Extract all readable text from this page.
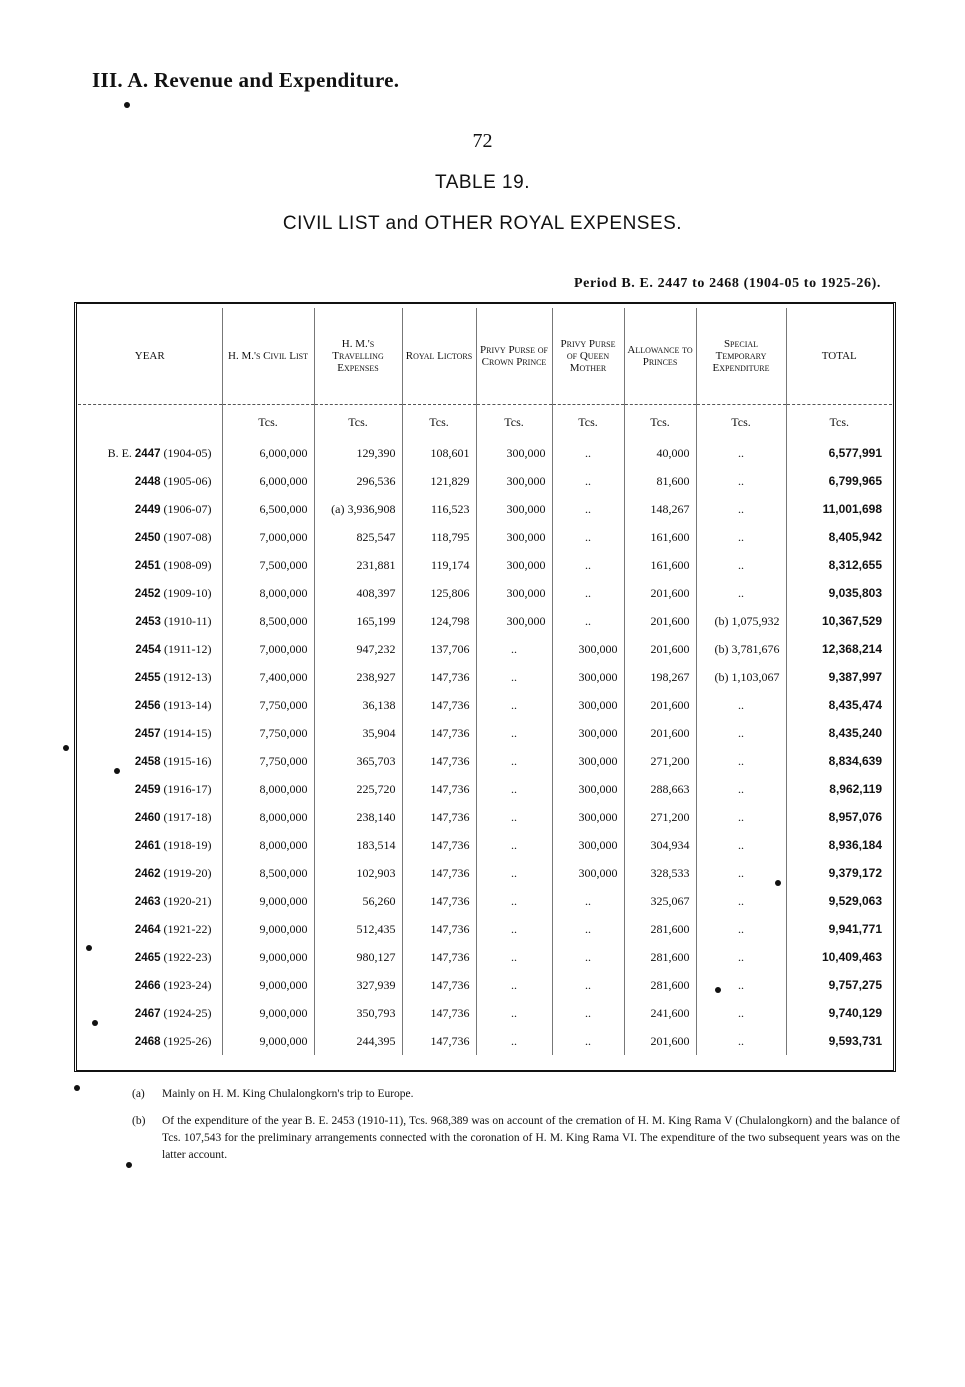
III. A. Revenue and Expenditure.
72
TABLE 19.
CIVIL LIST and OTHER ROYAL EXPENSES.
Period B. E. 2447 to 2468 (1904-05 to 1925-26).
YEAR	H. M.'s Civil List	H. M.'s Travelling Expenses	Royal Lictors	Privy Purse of Crown Prince	Privy Purse of Queen Mother	Allowance to Princes	Special Temporary Expenditure	TOTAL
	Tcs.	Tcs.	Tcs.	Tcs.	Tcs.	Tcs.	Tcs.	Tcs.
B. E. 2447 (1904-05)	6,000,000	129,390	108,601	300,000	..	40,000	..	6,577,991
2448 (1905-06)	6,000,000	296,536	121,829	300,000	..	81,600	..	6,799,965
2449 (1906-07)	6,500,000	(a) 3,936,908	116,523	300,000	..	148,267	..	11,001,698
2450 (1907-08)	7,000,000	825,547	118,795	300,000	..	161,600	..	8,405,942
2451 (1908-09)	7,500,000	231,881	119,174	300,000	..	161,600	..	8,312,655
2452 (1909-10)	8,000,000	408,397	125,806	300,000	..	201,600	..	9,035,803
2453 (1910-11)	8,500,000	165,199	124,798	300,000	..	201,600	(b) 1,075,932	10,367,529
2454 (1911-12)	7,000,000	947,232	137,706	..	300,000	201,600	(b) 3,781,676	12,368,214
2455 (1912-13)	7,400,000	238,927	147,736	..	300,000	198,267	(b) 1,103,067	9,387,997
2456 (1913-14)	7,750,000	36,138	147,736	..	300,000	201,600	..	8,435,474
2457 (1914-15)	7,750,000	35,904	147,736	..	300,000	201,600	..	8,435,240
2458 (1915-16)	7,750,000	365,703	147,736	..	300,000	271,200	..	8,834,639
2459 (1916-17)	8,000,000	225,720	147,736	..	300,000	288,663	..	8,962,119
2460 (1917-18)	8,000,000	238,140	147,736	..	300,000	271,200	..	8,957,076
2461 (1918-19)	8,000,000	183,514	147,736	..	300,000	304,934	..	8,936,184
2462 (1919-20)	8,500,000	102,903	147,736	..	300,000	328,533	..	9,379,172
2463 (1920-21)	9,000,000	56,260	147,736	..	..	325,067	..	9,529,063
2464 (1921-22)	9,000,000	512,435	147,736	..	..	281,600	..	9,941,771
2465 (1922-23)	9,000,000	980,127	147,736	..	..	281,600	..	10,409,463
2466 (1923-24)	9,000,000	327,939	147,736	..	..	281,600	..	9,757,275
2467 (1924-25)	9,000,000	350,793	147,736	..	..	241,600	..	9,740,129
2468 (1925-26)	9,000,000	244,395	147,736	..	..	201,600	..	9,593,731
(a)	Mainly on H. M. King Chulalongkorn's trip to Europe.
(b)	Of the expenditure of the year B. E. 2453 (1910-11), Tcs. 968,389 was on account of the cremation of H. M. King Rama V (Chulalongkorn) and the balance of Tcs. 107,543 for the preliminary arrangements connected with the coronation of H. M. King Rama VI. The expenditure of the two subsequent years was on the latter account.
